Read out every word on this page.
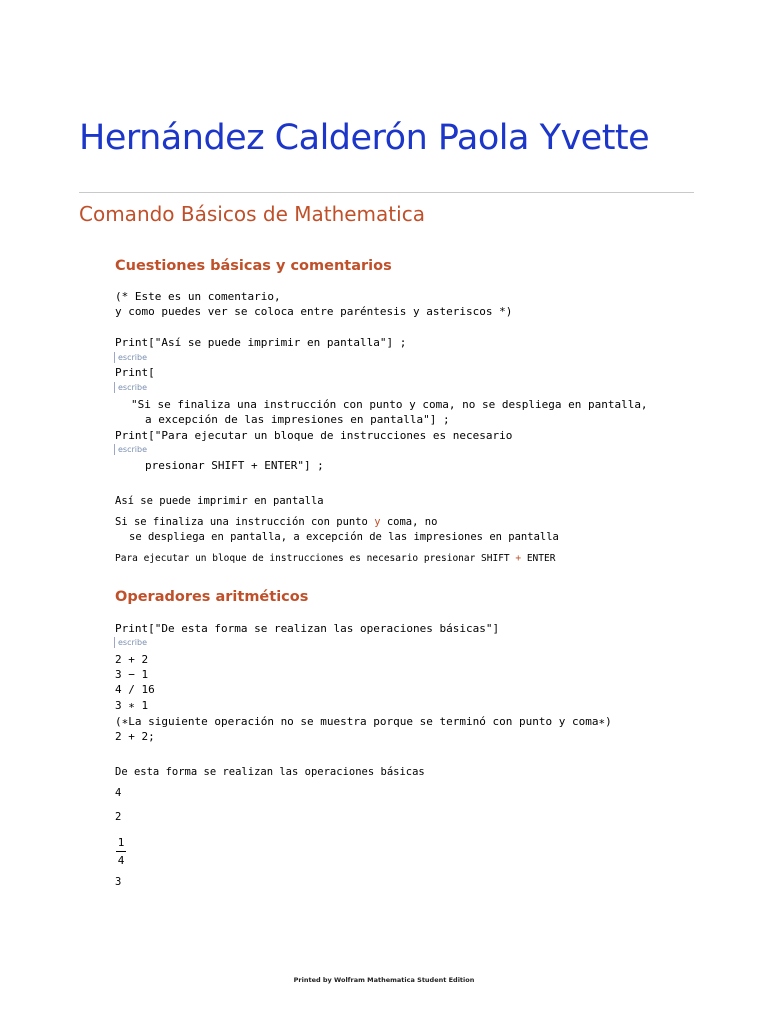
Hernández Calderón Paola Yvette
Comando Básicos de Mathematica
Cuestiones básicas y comentarios
(* Este es un comentario,
y como puedes ver se coloca entre paréntesis y asteriscos *)
Print["Así se puede imprimir en pantalla"] ;
escribe
Print[
escribe
"Si se finaliza una instrucción con punto y coma, no se despliega en pantalla,
a excepción de las impresiones en pantalla"] ;
Print["Para ejecutar un bloque de instrucciones es necesario
escribe
presionar SHIFT + ENTER"] ;
Así se puede imprimir en pantalla
Si se finaliza una instrucción con punto y coma, no
se despliega en pantalla, a excepción de las impresiones en pantalla
Para ejecutar un bloque de instrucciones es necesario presionar SHIFT + ENTER
Operadores aritméticos
Print["De esta forma se realizan las operaciones básicas"]
escribe
2 + 2
3 − 1
4 / 16
3 ∗ 1
(∗La siguiente operación no se muestra porque se terminó con punto y coma∗)
2 + 2;
De esta forma se realizan las operaciones básicas
4
2
1
4
3
Printed by Wolfram Mathematica Student Edition
